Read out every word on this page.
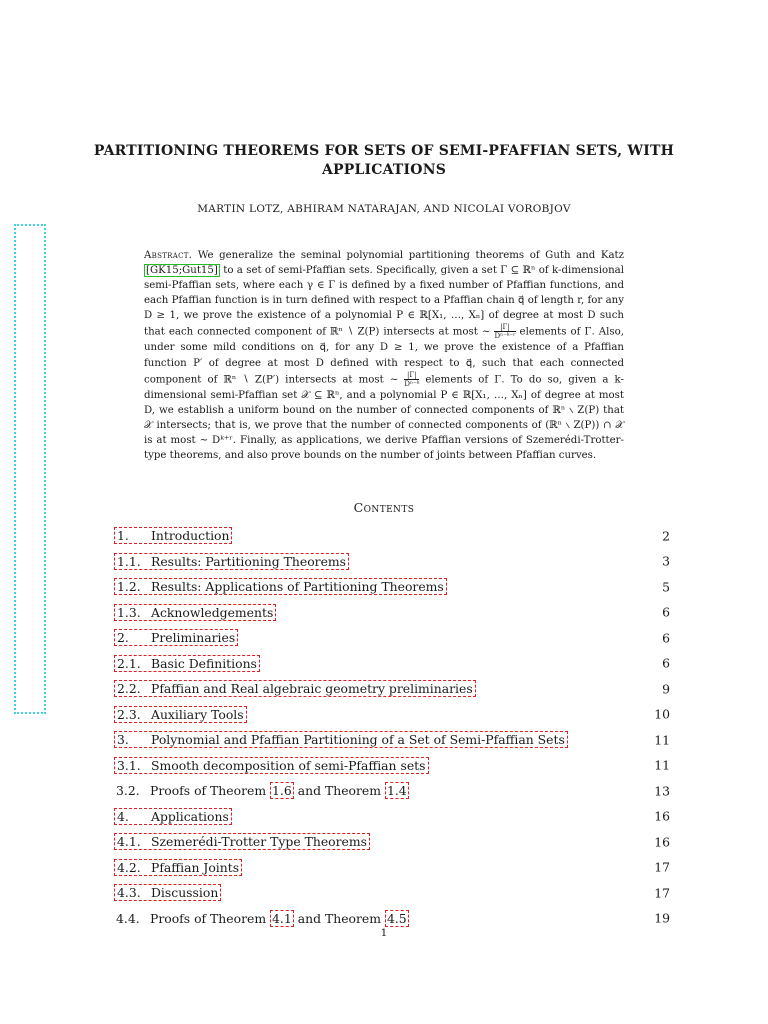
PARTITIONING THEOREMS FOR SETS OF SEMI-PFAFFIAN SETS, WITH APPLICATIONS
MARTIN LOTZ, ABHIRAM NATARAJAN, AND NICOLAI VOROBJOV
Abstract. We generalize the seminal polynomial partitioning theorems of Guth and Katz [GK15;Gut15] to a set of semi-Pfaffian sets. Specifically, given a set Γ ⊆ ℝⁿ of k-dimensional semi-Pfaffian sets, where each γ ∈ Γ is defined by a fixed number of Pfaffian functions, and each Pfaffian function is in turn defined with respect to a Pfaffian chain q⃗ of length r, for any D ≥ 1, we prove the existence of a polynomial P ∈ ℝ[X₁, …, Xₙ] of degree at most D such that each connected component of ℝⁿ ∖ Z(P) intersects at most ∼ $\frac{|\Gamma|}{\text{Dⁿ⁻ᵏ⁻ʳ}}$ elements of Γ. Also, under some mild conditions on q⃗, for any D ≥ 1, we prove the existence of a Pfaffian function P′ of degree at most D defined with respect to q⃗, such that each connected component of ℝⁿ ∖ Z(P′) intersects at most ∼ $\frac{|\Gamma|}{\text{Dⁿ⁻ᵏ}}$ elements of Γ. To do so, given a k-dimensional semi-Pfaffian set 𝒳 ⊆ ℝⁿ, and a polynomial P ∈ ℝ[X₁, …, Xₙ] of degree at most D, we establish a uniform bound on the number of connected components of ℝⁿ ∖ Z(P) that 𝒳 intersects; that is, we prove that the number of connected components of (ℝⁿ ∖ Z(P)) ∩ 𝒳 is at most ∼ Dᵏ⁺ʳ. Finally, as applications, we derive Pfaffian versions of Szemerédi-Trotter-type theorems, and also prove bounds on the number of joints between Pfaffian curves.
Contents
1. Introduction	2
1.1. Results: Partitioning Theorems	3
1.2. Results: Applications of Partitioning Theorems	5
1.3. Acknowledgements	6
2. Preliminaries	6
2.1. Basic Definitions	6
2.2. Pfaffian and Real algebraic geometry preliminaries	9
2.3. Auxiliary Tools	10
3. Polynomial and Pfaffian Partitioning of a Set of Semi-Pfaffian Sets	11
3.1. Smooth decomposition of semi-Pfaffian sets	11
3.2. Proofs of Theorem 1.6 and Theorem 1.4	13
4. Applications	16
4.1. Szemerédi-Trotter Type Theorems	16
4.2. Pfaffian Joints	17
4.3. Discussion	17
4.4. Proofs of Theorem 4.1 and Theorem 4.5	19
1
